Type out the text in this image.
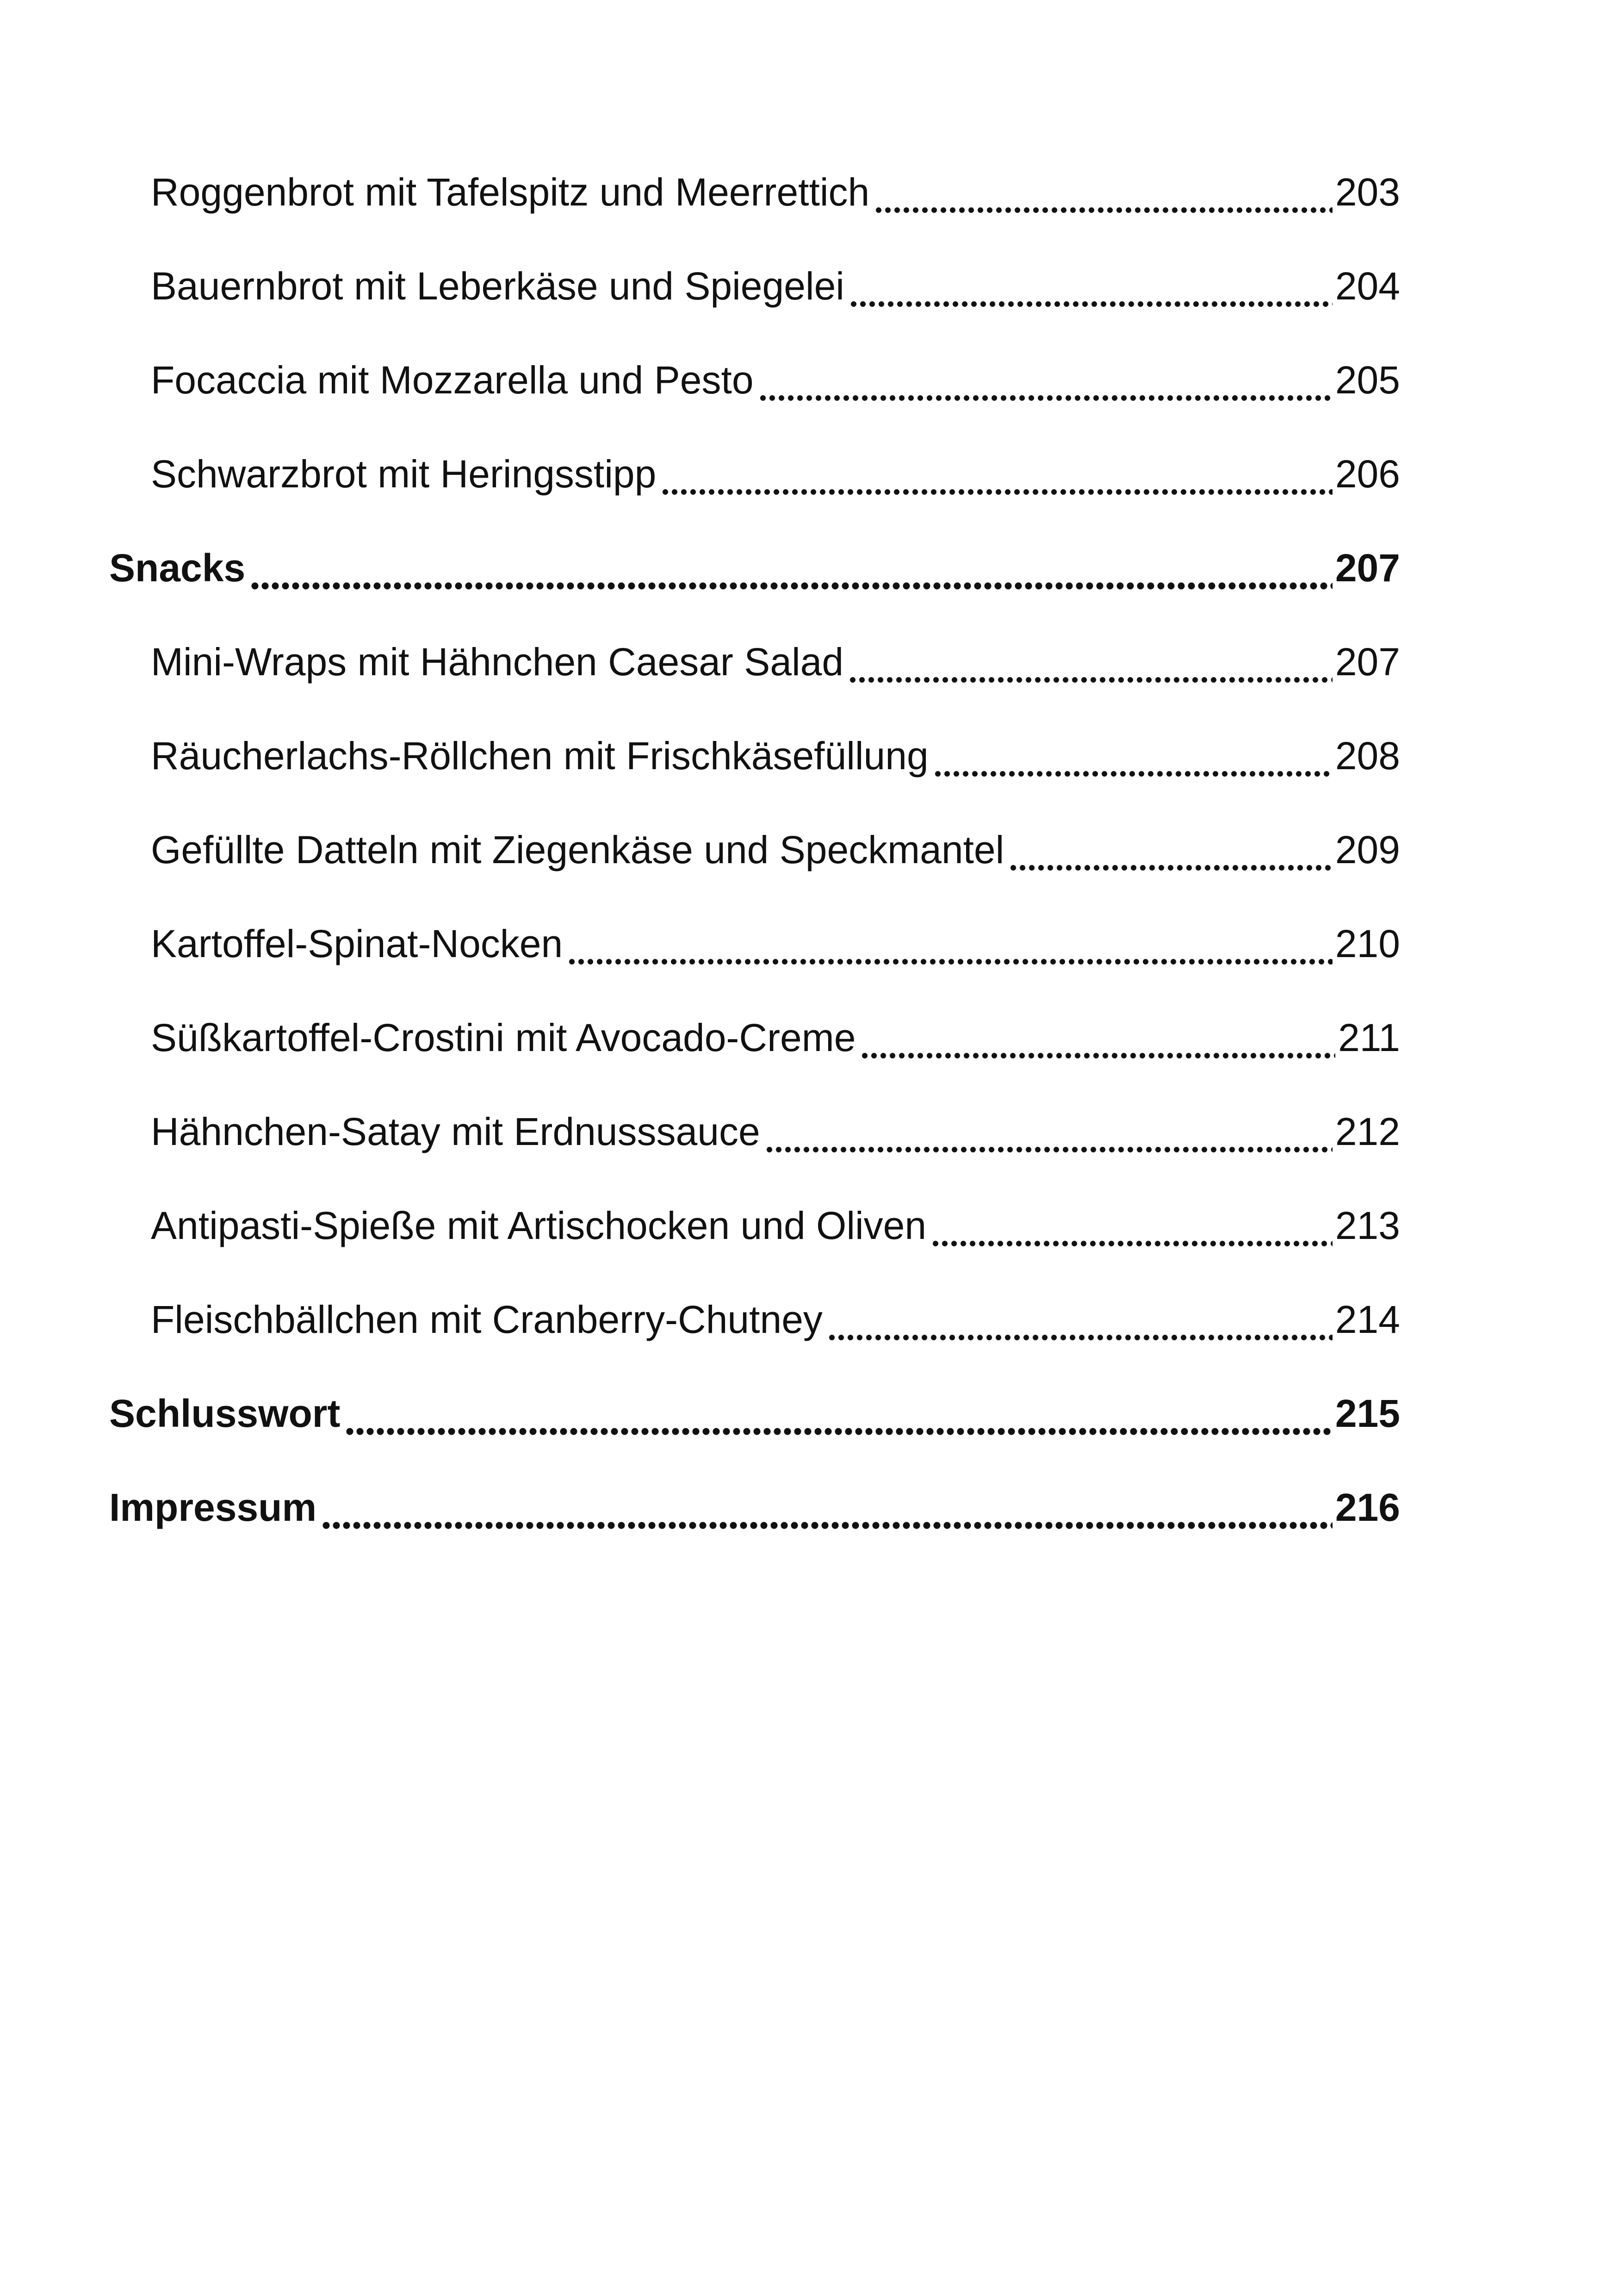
Roggenbrot mit Tafelspitz und Meerrettich	203
Bauernbrot mit Leberkäse und Spiegelei	204
Focaccia mit Mozzarella und Pesto	205
Schwarzbrot mit Heringsstipp	206
Snacks	207
Mini-Wraps mit Hähnchen Caesar Salad	207
Räucherlachs-Röllchen mit Frischkäsefüllung	208
Gefüllte Datteln mit Ziegenkäse und Speckmantel	209
Kartoffel-Spinat-Nocken	210
Süßkartoffel-Crostini mit Avocado-Creme	211
Hähnchen-Satay mit Erdnusssauce	212
Antipasti-Spieße mit Artischocken und Oliven	213
Fleischbällchen mit Cranberry-Chutney	214
Schlusswort	215
Impressum	216
